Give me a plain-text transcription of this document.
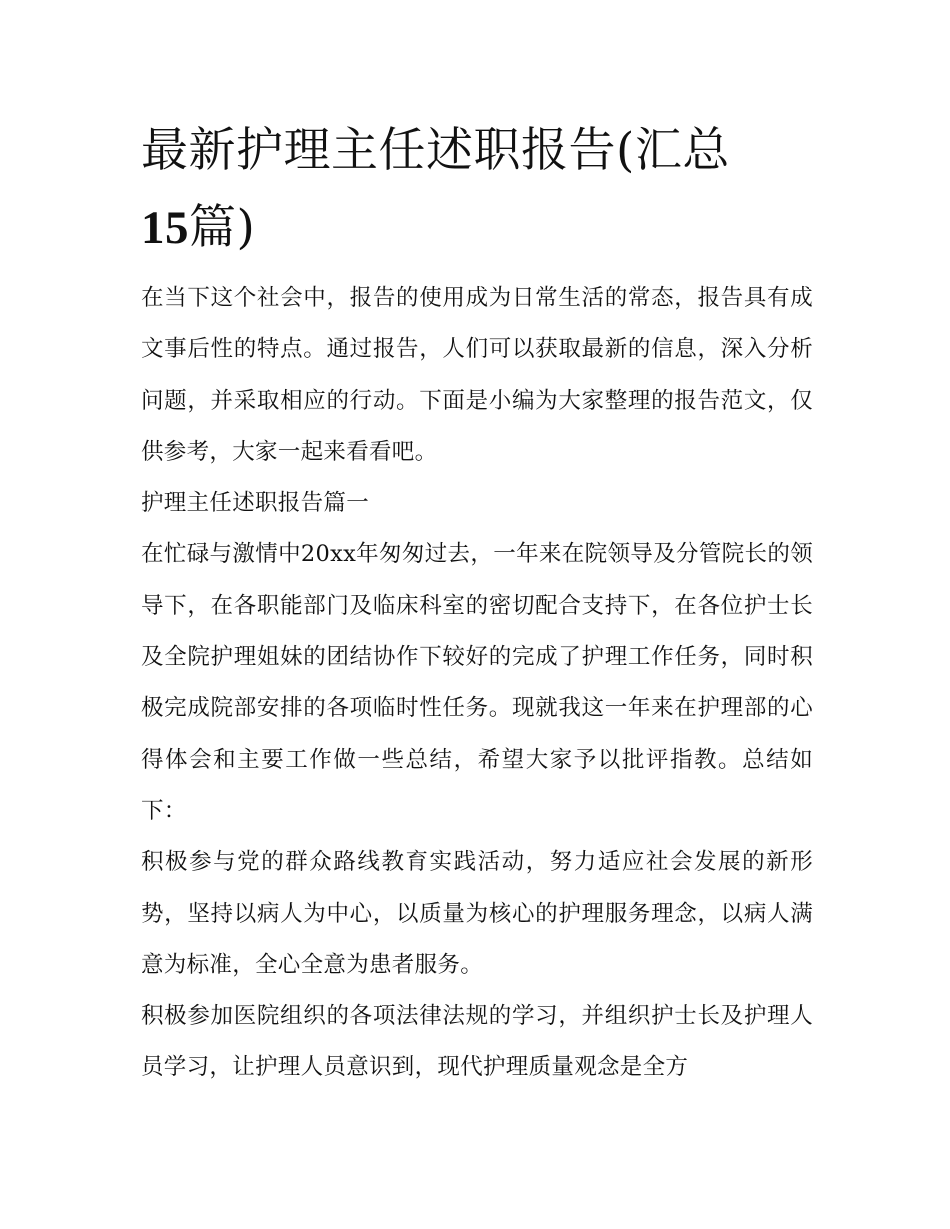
最新护理主任述职报告(汇总
15篇)

在当下这个社会中，报告的使用成为日常生活的常态，报告具有成文事后性的特点。通过报告，人们可以获取最新的信息，深入分析问题，并采取相应的行动。下面是小编为大家整理的报告范文，仅供参考，大家一起来看看吧。

护理主任述职报告篇一

在忙碌与激情中20xx年匆匆过去，一年来在院领导及分管院长的领导下，在各职能部门及临床科室的密切配合支持下，在各位护士长及全院护理姐妹的团结协作下较好的完成了护理工作任务，同时积极完成院部安排的各项临时性任务。现就我这一年来在护理部的心得体会和主要工作做一些总结，希望大家予以批评指教。总结如下：

积极参与党的群众路线教育实践活动，努力适应社会发展的新形势，坚持以病人为中心，以质量为核心的护理服务理念，以病人满意为标准，全心全意为患者服务。

积极参加医院组织的各项法律法规的学习，并组织护士长及护理人员学习，让护理人员意识到，现代护理质量观念是全方
